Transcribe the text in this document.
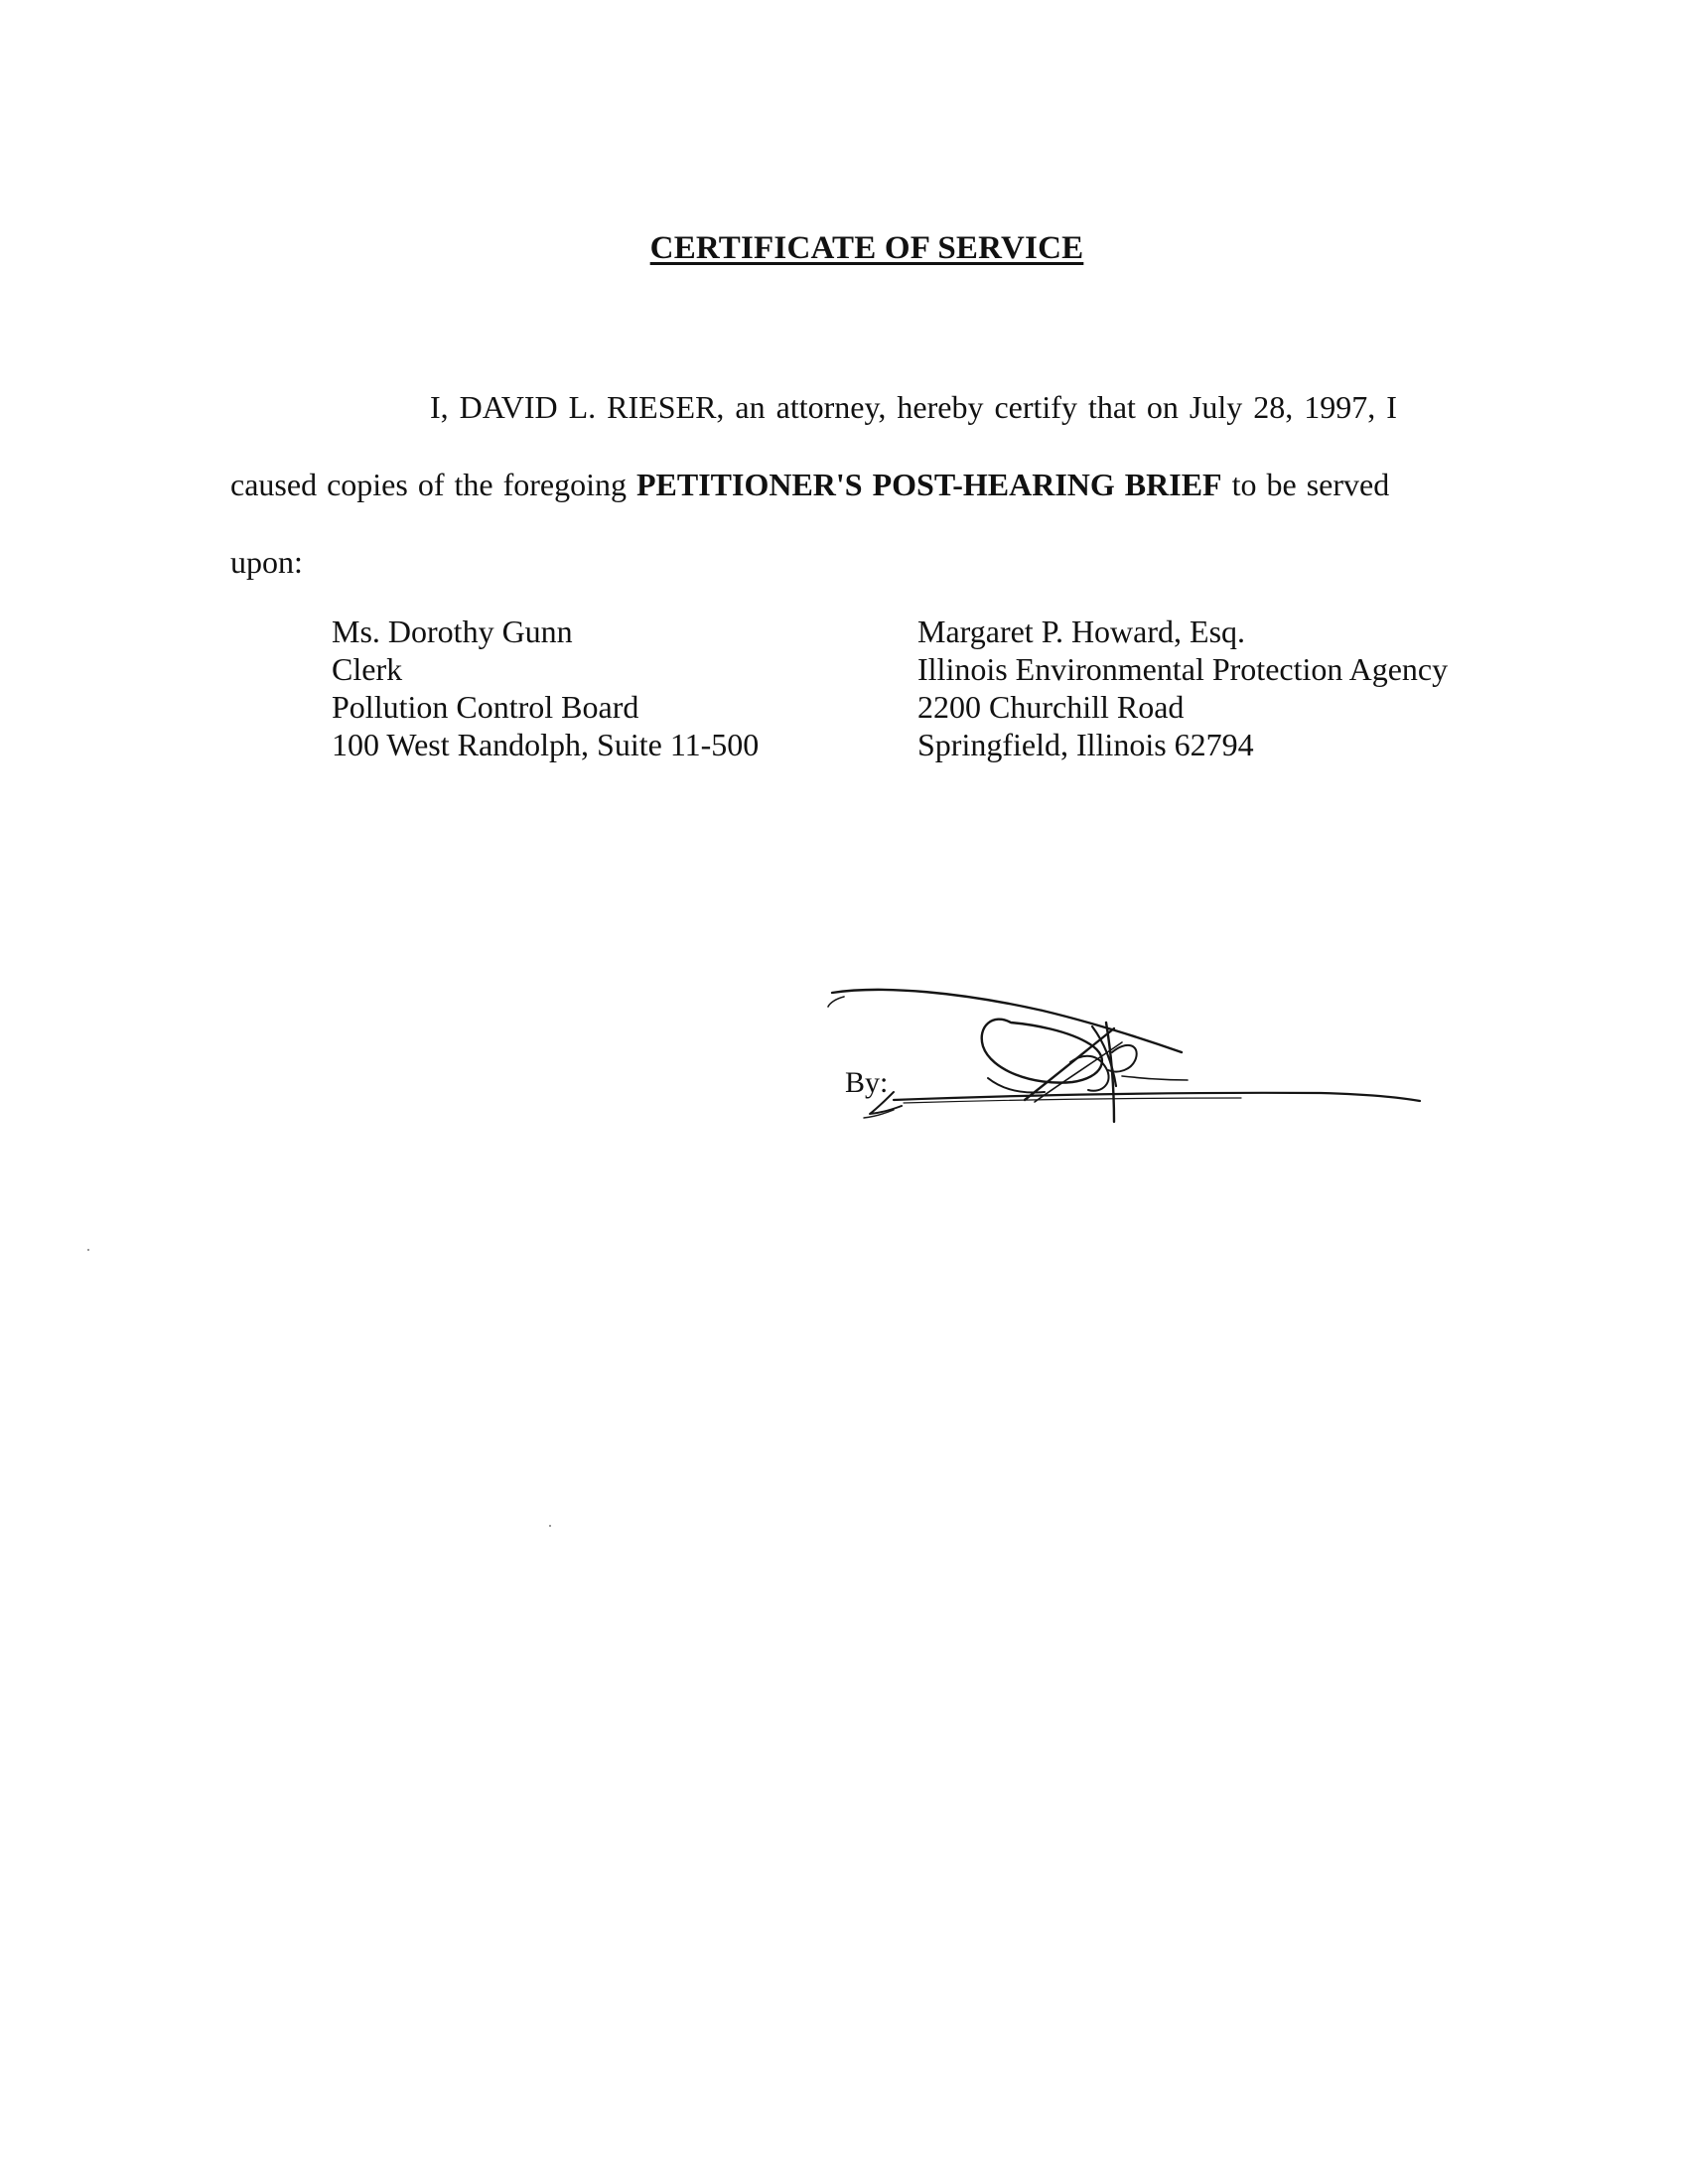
CERTIFICATE OF SERVICE
I, DAVID L. RIESER, an attorney, hereby certify that on July 28, 1997, I
caused copies of the foregoing PETITIONER'S POST-HEARING BRIEF to be served
upon:
Ms. Dorothy Gunn
Clerk
Pollution Control Board
100 West Randolph, Suite 11-500
Margaret P. Howard, Esq.
Illinois Environmental Protection Agency
2200 Churchill Road
Springfield, Illinois 62794
By:
